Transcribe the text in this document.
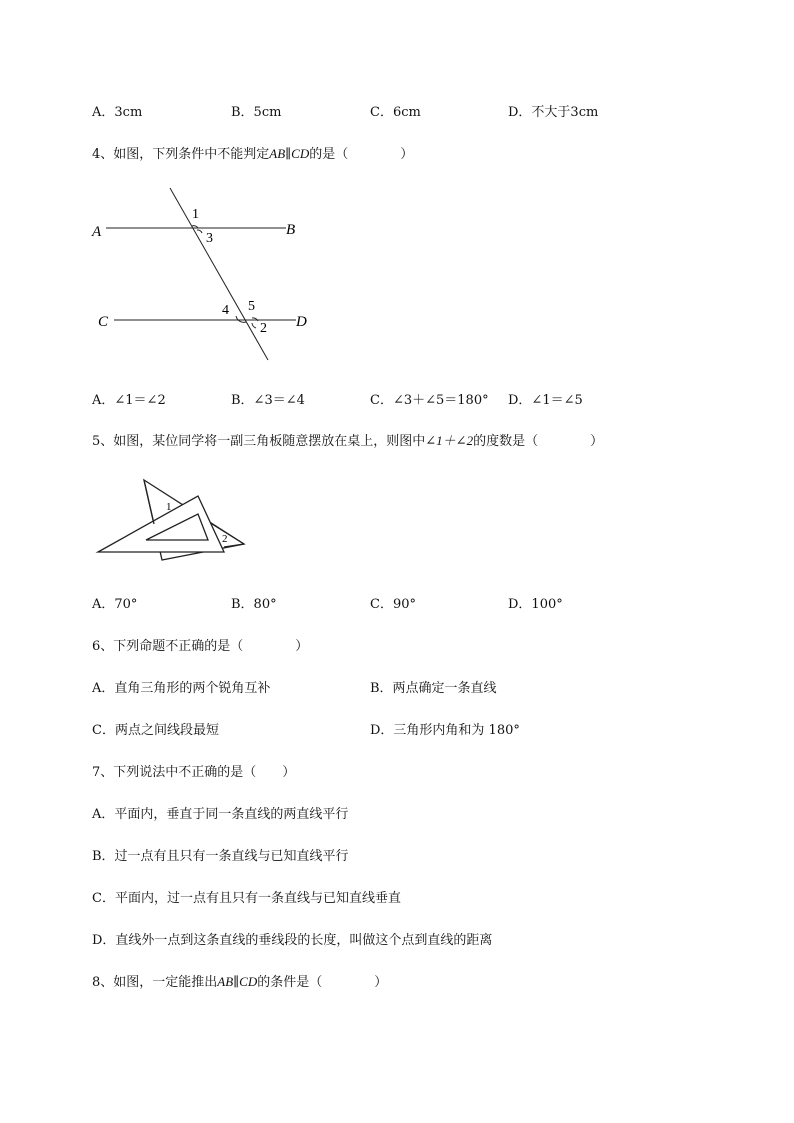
A．3cm	B．5cm	C．6cm	D．不大于3cm
4、如图，下列条件中不能判定AB∥CD的是（　　　　）
A	B
C	D
1
3
4 5
2
A．∠1＝∠2	B．∠3＝∠4	C．∠3＋∠5＝180° D．∠1＝∠5
5、如图，某位同学将一副三角板随意摆放在桌上，则图中∠1＋∠2的度数是（　　　　）
1
2
A．70°	B．80°	C．90°	D．100°
6、下列命题不正确的是（　　　　）
A．直角三角形的两个锐角互补	B．两点确定一条直线
C．两点之间线段最短	D．三角形内角和为 180°
7、下列说法中不正确的是（　　）
A．平面内，垂直于同一条直线的两直线平行
B．过一点有且只有一条直线与已知直线平行
C．平面内，过一点有且只有一条直线与已知直线垂直
D．直线外一点到这条直线的垂线段的长度，叫做这个点到直线的距离
8、如图，一定能推出AB∥CD的条件是（　　　　）
